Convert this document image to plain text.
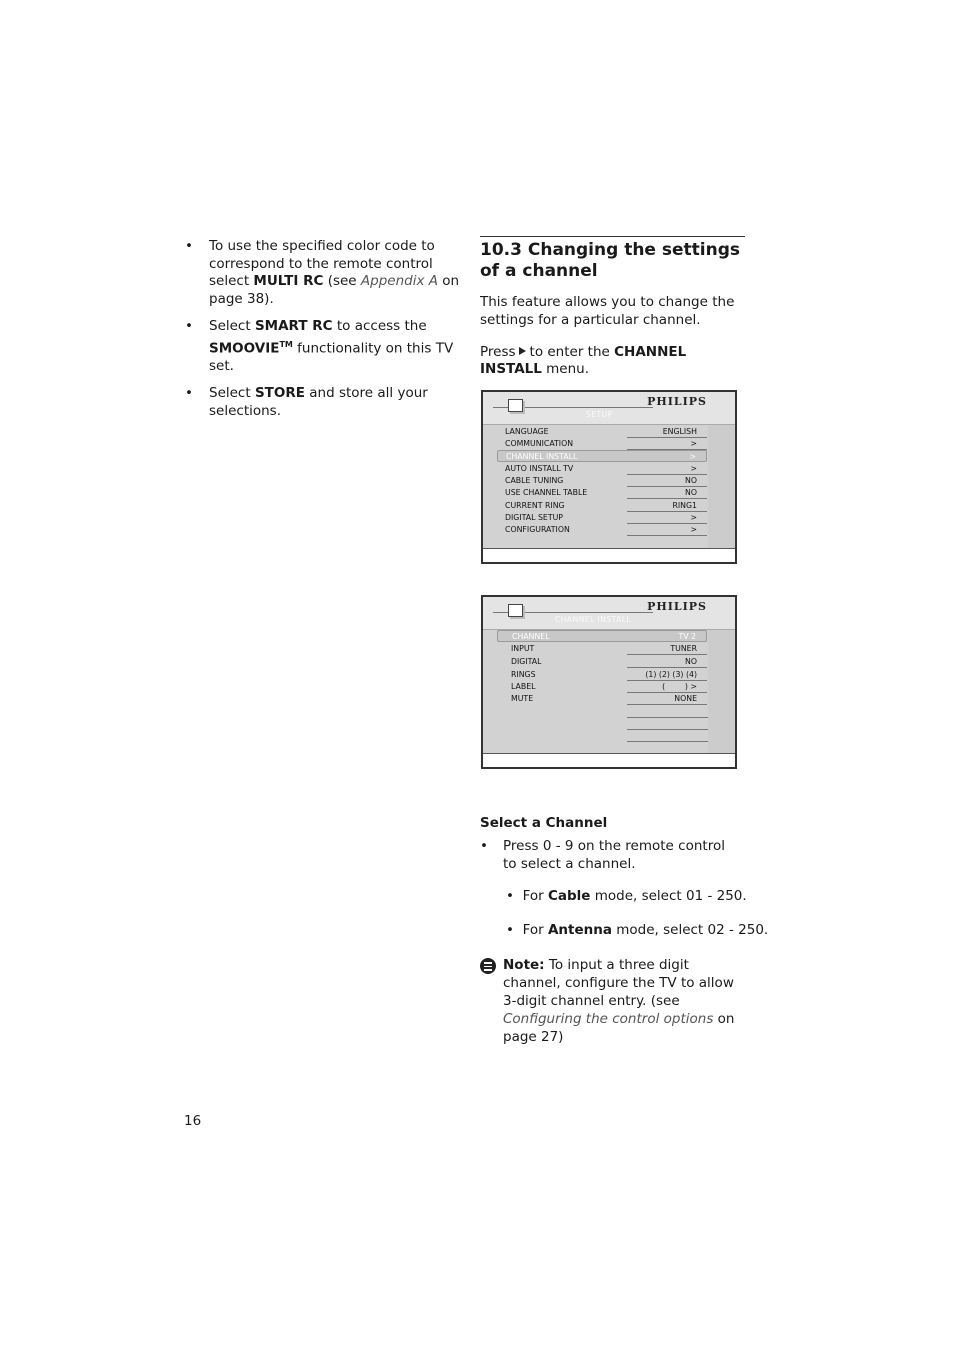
• To use the specified color code to correspond to the remote control select MULTI RC (see Appendix A on page 38).
• Select SMART RC to access the SMOOVIE™ functionality on this TV set.
• Select STORE and store all your selections.
10.3 Changing the settings of a channel

This feature allows you to change the settings for a particular channel.

Press to enter the CHANNEL INSTALL menu.

PHILIPS
SETUP
LANGUAGE	ENGLISH
COMMUNICATION	>
CHANNEL INSTALL	>
AUTO INSTALL TV	>
CABLE TUNING	NO
USE CHANNEL TABLE	NO
CURRENT RING	RING1
DIGITAL SETUP	>
CONFIGURATION	>
PHILIPS
CHANNEL INSTALL
CHANNEL	TV 2
INPUT	TUNER
DIGITAL	NO
RINGS	(1) (2) (3) (4)
LABEL	(        ) >
MUTE	NONE

Select a Channel

• Press 0 - 9 on the remote control to select a channel.
• For Cable mode, select 01 - 250.
• For Antenna mode, select 02 - 250.
Note: To input a three digit channel, configure the TV to allow 3-digit channel entry. (see Configuring the control options on page 27)
16
